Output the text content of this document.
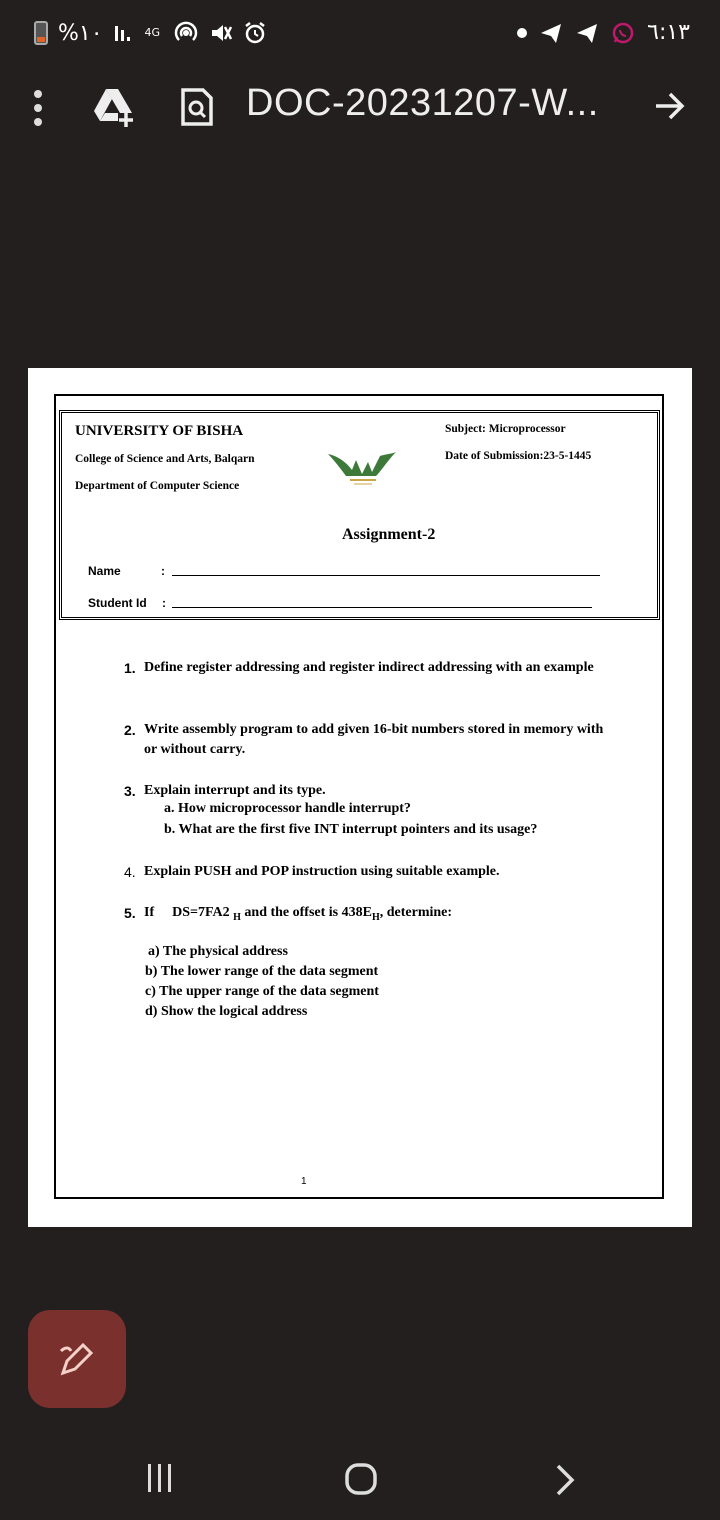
%١٠	4G	٦:١٣
DOC-20231207-W...
UNIVERSITY OF BISHA
College of Science and Arts, Balqarn
Department of Computer Science
Subject: Microprocessor
Date of Submission:23-5-1445
Assignment-2
Name	:
Student Id :
1. Define register addressing and register indirect addressing with an example
2. Write assembly program to add given 16-bit numbers stored in memory with or without carry.
3. Explain interrupt and its type.
a. How microprocessor handle interrupt?
b. What are the first five INT interrupt pointers and its usage?
4. Explain PUSH and POP instruction using suitable example.
5. If DS=7FA2 $_H$ and the offset is $438E_H$, determine:
a) The physical address
b) The lower range of the data segment
c) The upper range of the data segment
d) Show the logical address
1
